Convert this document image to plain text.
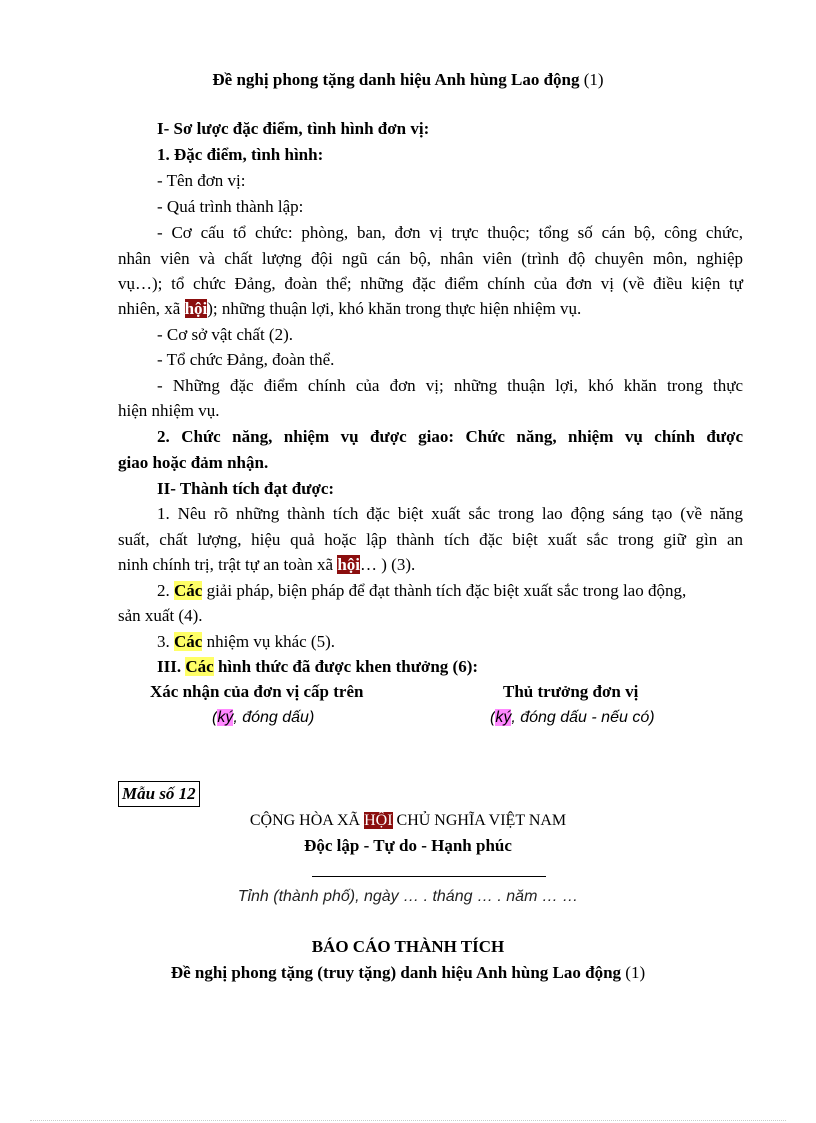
Đề nghị phong tặng danh hiệu Anh hùng Lao động (1)
I- Sơ lược đặc điểm, tình hình đơn vị:
1. Đặc điểm, tình hình:
- Tên đơn vị:
- Quá trình thành lập:
- Cơ cấu tổ chức: phòng, ban, đơn vị trực thuộc; tổng số cán bộ, công chức,
nhân viên và chất lượng đội ngũ cán bộ, nhân viên (trình độ chuyên môn, nghiệp
vụ…); tổ chức Đảng, đoàn thể; những đặc điểm chính của đơn vị (về điều kiện tự
nhiên, xã hội); những thuận lợi, khó khăn trong thực hiện nhiệm vụ.
- Cơ sở vật chất (2).
- Tổ chức Đảng, đoàn thể.
- Những đặc điểm chính của đơn vị; những thuận lợi, khó khăn trong thực
hiện nhiệm vụ.
2. Chức năng, nhiệm vụ được giao: Chức năng, nhiệm vụ chính được
giao hoặc đảm nhận.
II- Thành tích đạt được:
1. Nêu rõ những thành tích đặc biệt xuất sắc trong lao động sáng tạo (về năng
suất, chất lượng, hiệu quả hoặc lập thành tích đặc biệt xuất sắc trong giữ gìn an
ninh chính trị, trật tự an toàn xã hội… ) (3).
2. Các giải pháp, biện pháp để đạt thành tích đặc biệt xuất sắc trong lao động,
sản xuất (4).
3. Các nhiệm vụ khác (5).
III. Các hình thức đã được khen thưởng (6):
Xác nhận của đơn vị cấp trên
(ký, đóng dấu)
Thủ trưởng đơn vị
(ký, đóng dấu - nếu có)
Mẫu số 12
CỘNG HÒA XÃ HỘI CHỦ NGHĨA VIỆT NAM
Độc lập - Tự do - Hạnh phúc
Tỉnh (thành phố), ngày … . tháng … . năm … …
BÁO CÁO THÀNH TÍCH
Đề nghị phong tặng (truy tặng) danh hiệu Anh hùng Lao động (1)
